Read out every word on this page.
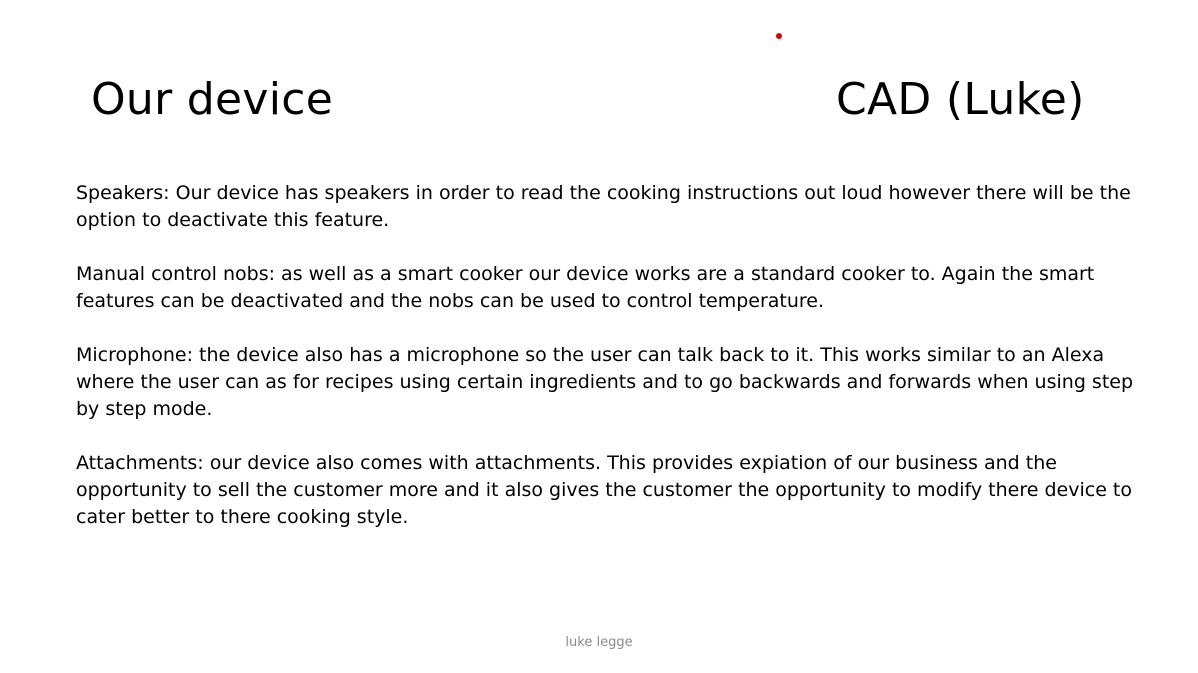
Our device	CAD (Luke)

Speakers: Our device has speakers in order to read the cooking instructions out loud however there will be the option to deactivate this feature.

Manual control nobs: as well as a smart cooker our device works are a standard cooker to. Again the smart features can be deactivated and the nobs can be used to control temperature.

Microphone: the device also has a microphone so the user can talk back to it. This works similar to an Alexa where the user can as for recipes using certain ingredients and to go backwards and forwards when using step by step mode.

Attachments: our device also comes with attachments. This provides expiation of our business and the opportunity to sell the customer more and it also gives the customer the opportunity to modify there device to cater better to there cooking style.

luke legge
